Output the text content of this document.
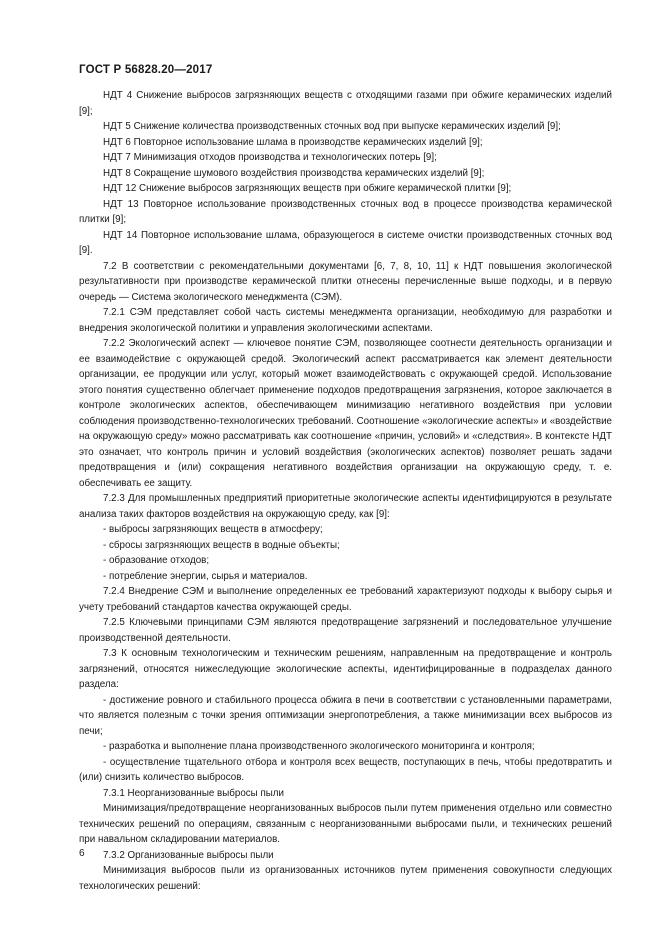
ГОСТ Р 56828.20—2017

НДТ 4 Снижение выбросов загрязняющих веществ с отходящими газами при обжиге керамических изделий [9];

НДТ 5 Снижение количества производственных сточных вод при выпуске керамических изделий [9];

НДТ 6 Повторное использование шлама в производстве керамических изделий [9];

НДТ 7 Минимизация отходов производства и технологических потерь [9];

НДТ 8 Сокращение шумового воздействия производства керамических изделий [9];

НДТ 12 Снижение выбросов загрязняющих веществ при обжиге керамической плитки [9];

НДТ 13 Повторное использование производственных сточных вод в процессе производства керамической плитки [9];

НДТ 14 Повторное использование шлама, образующегося в системе очистки производственных сточных вод [9].

7.2 В соответствии с рекомендательными документами [6, 7, 8, 10, 11] к НДТ повышения экологической результативности при производстве керамической плитки отнесены перечисленные выше подходы, и в первую очередь — Система экологического менеджмента (СЭМ).

7.2.1 СЭМ представляет собой часть системы менеджмента организации, необходимую для разработки и внедрения экологической политики и управления экологическими аспектами.

7.2.2 Экологический аспект — ключевое понятие СЭМ, позволяющее соотнести деятельность организации и ее взаимодействие с окружающей средой. Экологический аспект рассматривается как элемент деятельности организации, ее продукции или услуг, который может взаимодействовать с окружающей средой. Использование этого понятия существенно облегчает применение подходов предотвращения загрязнения, которое заключается в контроле экологических аспектов, обеспечивающем минимизацию негативного воздействия при условии соблюдения производственно-технологических требований. Соотношение «экологические аспекты» и «воздействие на окружающую среду» можно рассматривать как соотношение «причин, условий» и «следствия». В контексте НДТ это означает, что контроль причин и условий воздействия (экологических аспектов) позволяет решать задачи предотвращения и (или) сокращения негативного воздействия организации на окружающую среду, т. е. обеспечивать ее защиту.

7.2.3 Для промышленных предприятий приоритетные экологические аспекты идентифицируются в результате анализа таких факторов воздействия на окружающую среду, как [9]:

- выбросы загрязняющих веществ в атмосферу;

- сбросы загрязняющих веществ в водные объекты;

- образование отходов;

- потребление энергии, сырья и материалов.

7.2.4 Внедрение СЭМ и выполнение определенных ее требований характеризуют подходы к выбору сырья и учету требований стандартов качества окружающей среды.

7.2.5 Ключевыми принципами СЭМ являются предотвращение загрязнений и последовательное улучшение производственной деятельности.

7.3 К основным технологическим и техническим решениям, направленным на предотвращение и контроль загрязнений, относятся нижеследующие экологические аспекты, идентифицированные в подразделах данного раздела:

- достижение ровного и стабильного процесса обжига в печи в соответствии с установленными параметрами, что является полезным с точки зрения оптимизации энергопотребления, а также минимизации всех выбросов из печи;

- разработка и выполнение плана производственного экологического мониторинга и контроля;

- осуществление тщательного отбора и контроля всех веществ, поступающих в печь, чтобы предотвратить и (или) снизить количество выбросов.

7.3.1 Неорганизованные выбросы пыли

Минимизация/предотвращение неорганизованных выбросов пыли путем применения отдельно или совместно технических решений по операциям, связанным с неорганизованными выбросами пыли, и технических решений при навальном складировании материалов.

7.3.2 Организованные выбросы пыли

Минимизация выбросов пыли из организованных источников путем применения совокупности следующих технологических решений:

6
